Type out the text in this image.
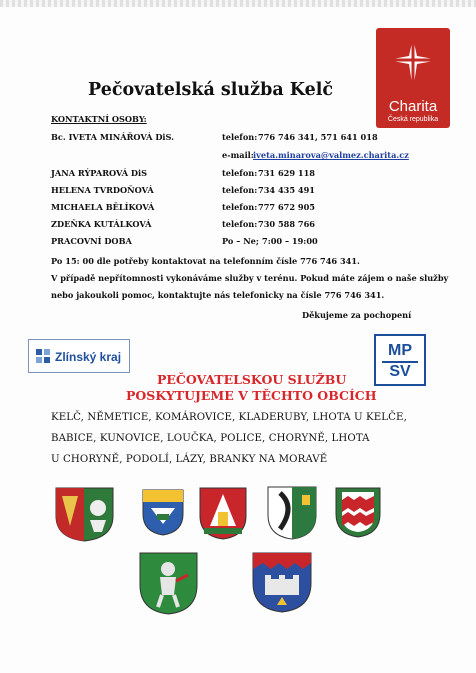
Charita
Česká republika
Pečovatelská služba Kelč
KONTAKTNÍ OSOBY:
Bc. IVETA MINÁŘOVÁ DiS.	telefon: 776 746 341, 571 641 018
e-mail: iveta.minarova@valmez.charita.cz
JANA RÝPAROVÁ DiS	telefon: 731 629 118
HELENA TVRDOŇOVÁ	telefon: 734 435 491
MICHAELA BĚLÍKOVÁ	telefon: 777 672 905
ZDEŇKA KUTÁLKOVÁ	telefon: 730 588 766
PRACOVNÍ DOBA	Po – Ne; 7:00 – 19:00
Po 15: 00 dle potřeby kontaktovat na telefonním čísle 776 746 341.
V případě nepřítomnosti vykonáváme služby v terénu. Pokud máte zájem o naše služby
nebo jakoukoli pomoc, kontaktujte nás telefonicky na čísle 776 746 341.
Děkujeme za pochopení
Zlínský kraj	MP
SV
PEČOVATELSKOU SLUŽBU
POSKYTUJEME V TĚCHTO OBCÍCH
KELČ, NĚMETICE, KOMÁROVICE, KLADERUBY, LHOTA U KELČE,
BABICE, KUNOVICE, LOUČKA, POLICE, CHORYNĚ, LHOTA
U CHORYNĚ, PODOLÍ, LÁZY, BRANKY NA MORAVĚ
